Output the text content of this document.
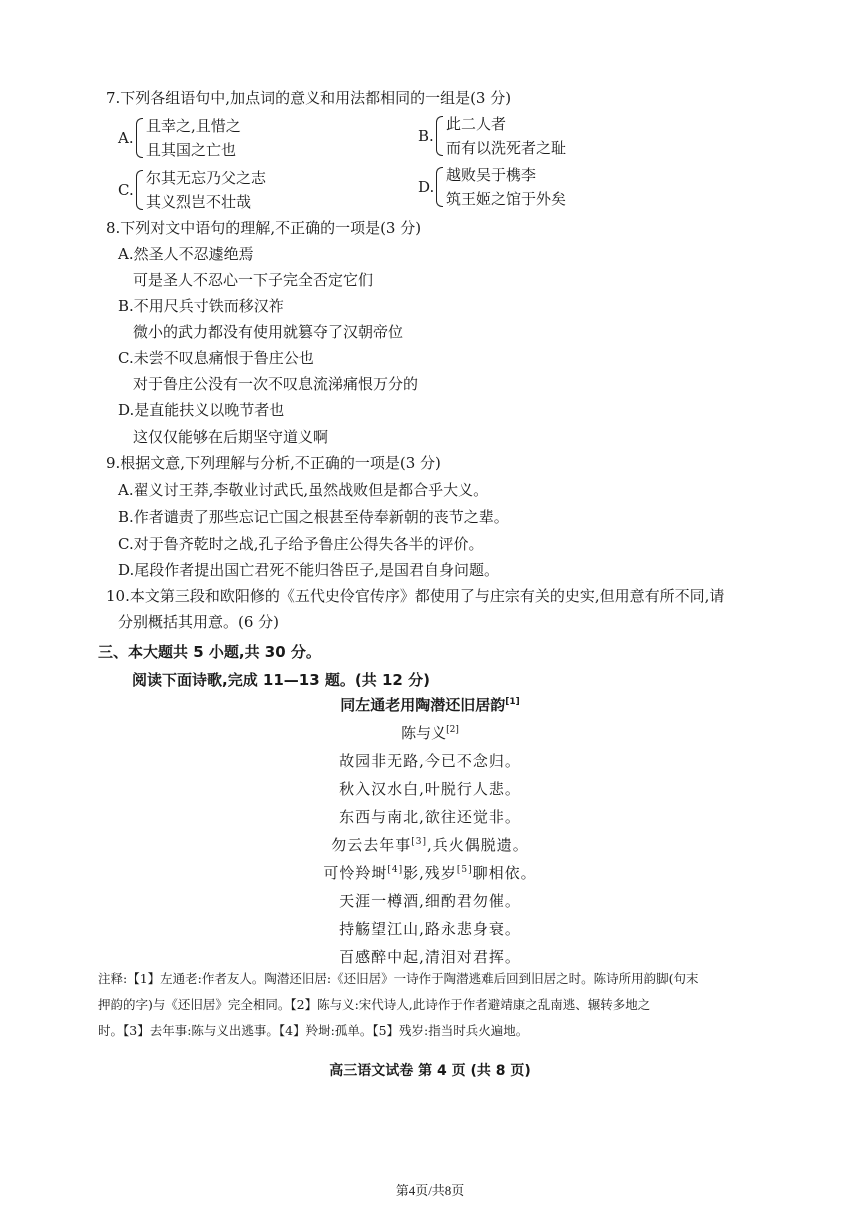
7.下列各组语句中,加点词的意义和用法都相同的一组是(3 分)
A.
且幸之,且惜之
且其国之亡也
B.
此二人者
而有以洗死者之耻
C.
尔其无忘乃父之志
其义烈岂不壮哉
D.
越败吴于槜李
筑王姬之馆于外矣
8.下列对文中语句的理解,不正确的一项是(3 分)
A.然圣人不忍遽绝焉
可是圣人不忍心一下子完全否定它们
B.不用尺兵寸铁而移汉祚
微小的武力都没有使用就篡夺了汉朝帝位
C.未尝不叹息痛恨于鲁庄公也
对于鲁庄公没有一次不叹息流涕痛恨万分的
D.是直能扶义以晚节者也
这仅仅能够在后期坚守道义啊
9.根据文意,下列理解与分析,不正确的一项是(3 分)
A.翟义讨王莽,李敬业讨武氏,虽然战败但是都合乎大义。
B.作者谴责了那些忘记亡国之根甚至侍奉新朝的丧节之辈。
C.对于鲁齐乾时之战,孔子给予鲁庄公得失各半的评价。
D.尾段作者提出国亡君死不能归咎臣子,是国君自身问题。
10.本文第三段和欧阳修的《五代史伶官传序》都使用了与庄宗有关的史实,但用意有所不同,请
分别概括其用意。(6 分)
三、本大题共 5 小题,共 30 分。
阅读下面诗歌,完成 11—13 题。(共 12 分)
同左通老用陶潜还旧居韵[1]
陈与义[2]
故园非无路,今已不念归。
秋入汉水白,叶脱行人悲。
东西与南北,欲往还觉非。
勿云去年事[3],兵火偶脱遗。
可怜羚埘[4]影,残岁[5]聊相依。
天涯一樽酒,细酌君勿催。
持觞望江山,路永悲身衰。
百感醉中起,清泪对君挥。
注释:【1】左通老:作者友人。陶潜还旧居:《还旧居》一诗作于陶潜逃难后回到旧居之时。陈诗所用韵脚(句末
押韵的字)与《还旧居》完全相同。【2】陈与义:宋代诗人,此诗作于作者避靖康之乱南逃、辗转多地之
时。【3】去年事:陈与义出逃事。【4】羚埘:孤单。【5】残岁:指当时兵火遍地。
高三语文试卷 第 4 页 (共 8 页)
第4页/共8页
